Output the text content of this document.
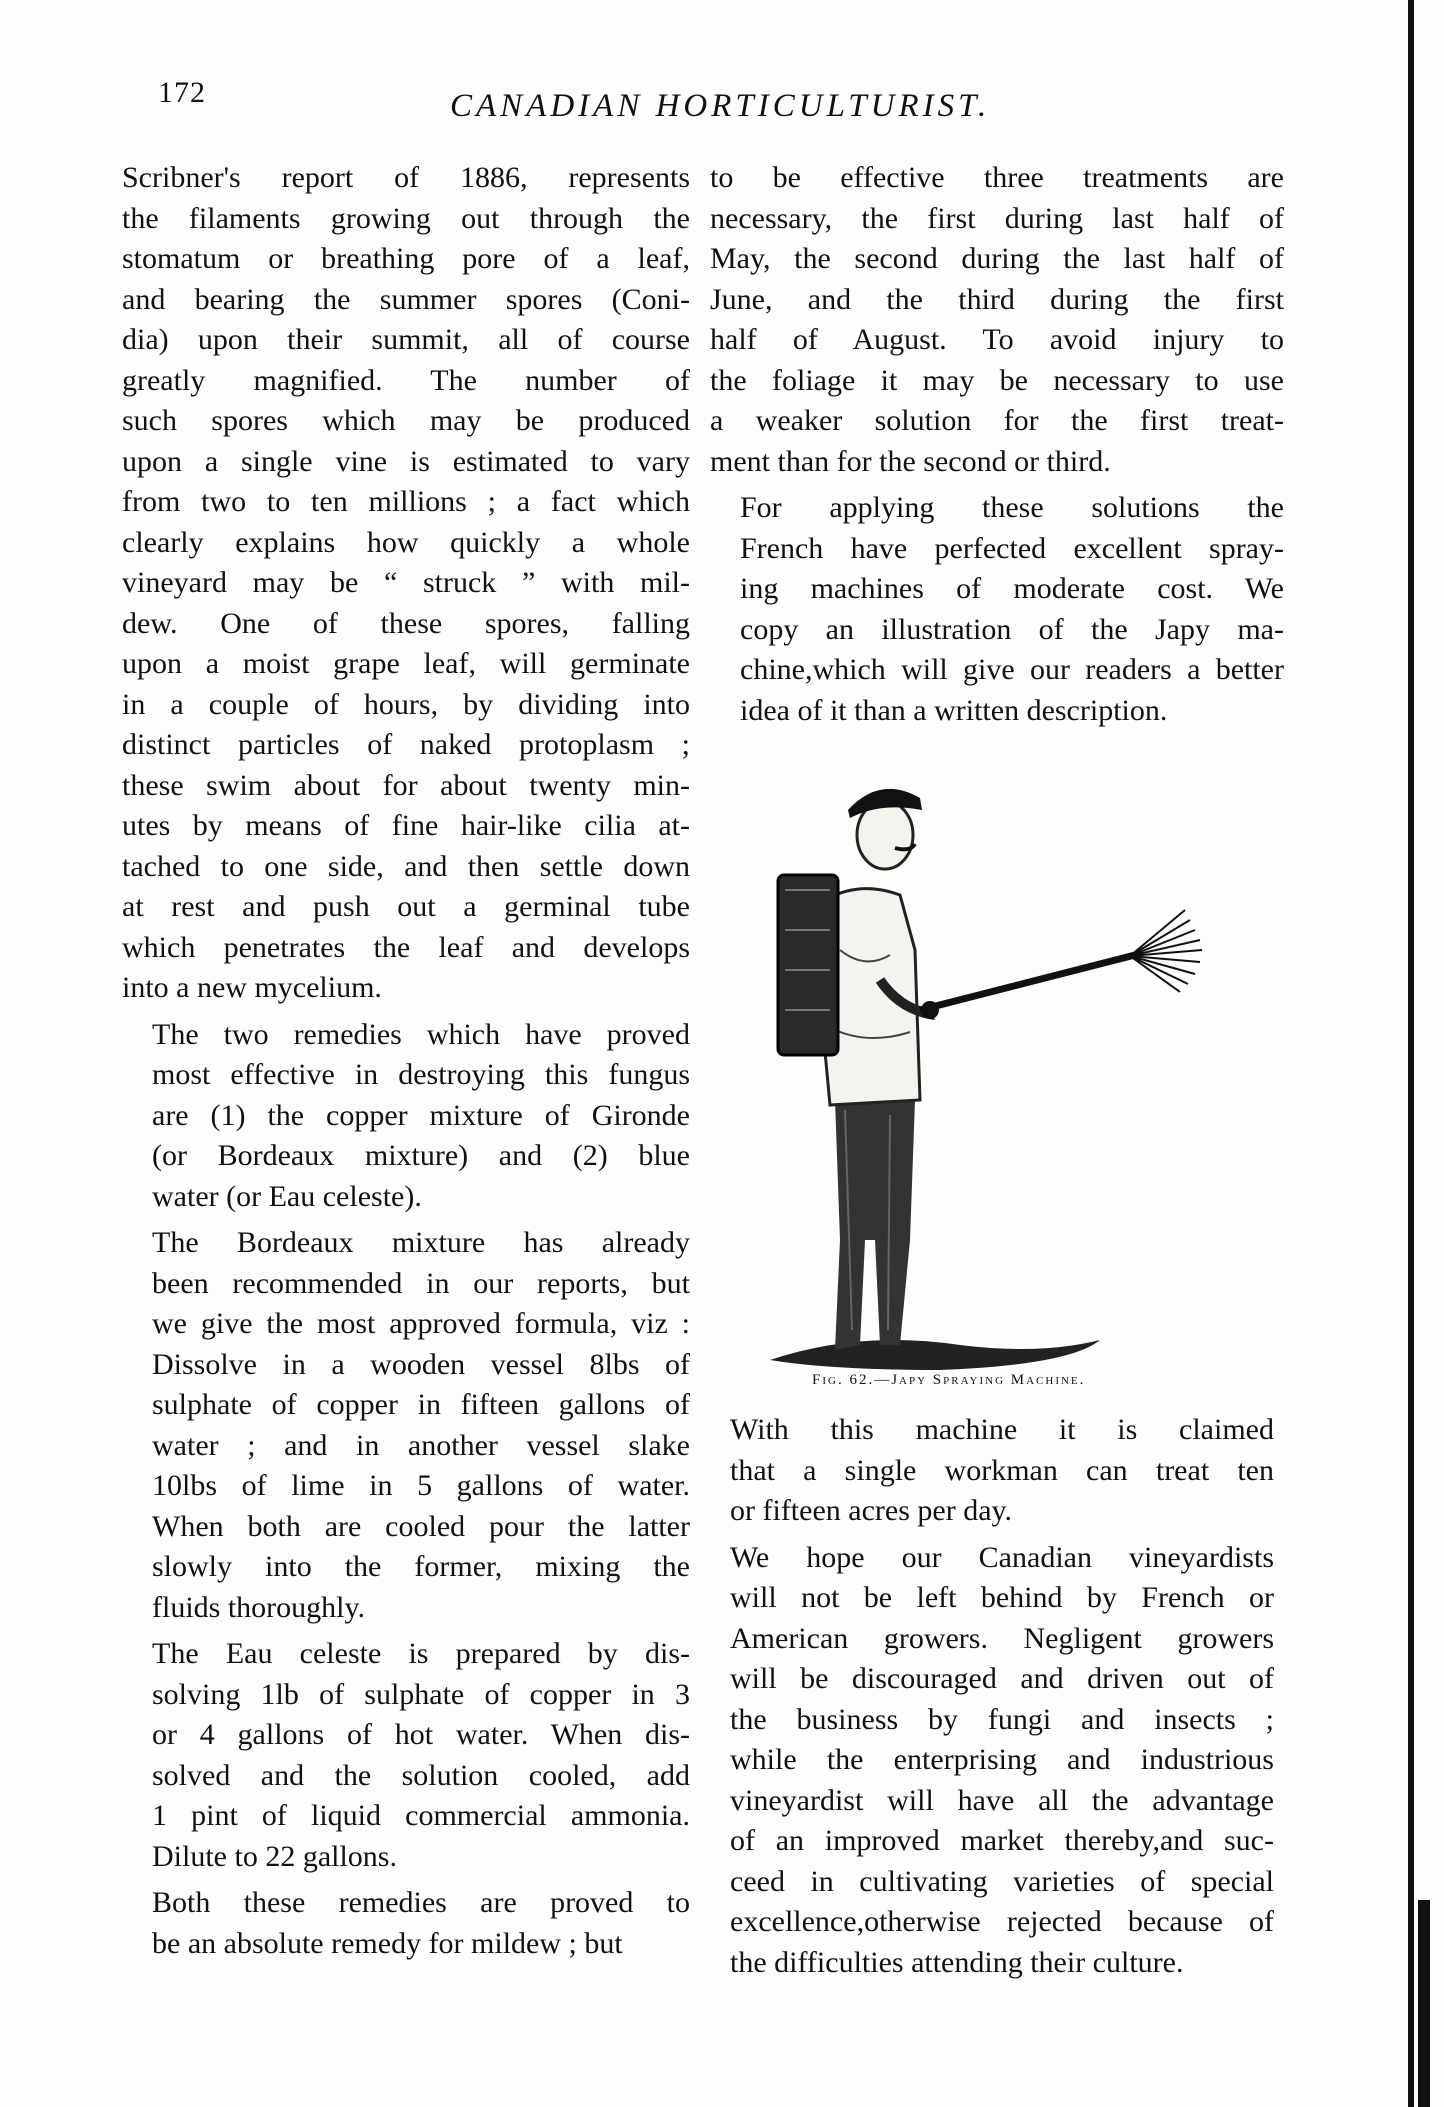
172	CANADIAN HORTICULTURIST.

Scribner's report of 1886, represents
the filaments growing out through the
stomatum or breathing pore of a leaf,
and bearing the summer spores (Coni-
dia) upon their summit, all of course
greatly magnified. The number of
such spores which may be produced
upon a single vine is estimated to vary
from two to ten millions ; a fact which
clearly explains how quickly a whole
vineyard may be “ struck ” with mil-
dew. One of these spores, falling
upon a moist grape leaf, will germinate
in a couple of hours, by dividing into
distinct particles of naked protoplasm ;
these swim about for about twenty min-
utes by means of fine hair-like cilia at-
tached to one side, and then settle down
at rest and push out a germinal tube
which penetrates the leaf and develops
into a new mycelium.

The two remedies which have proved
most effective in destroying this fungus
are (1) the copper mixture of Gironde
(or Bordeaux mixture) and (2) blue
water (or Eau celeste).

The Bordeaux mixture has already
been recommended in our reports, but
we give the most approved formula, viz :
Dissolve in a wooden vessel 8lbs of
sulphate of copper in fifteen gallons of
water ; and in another vessel slake
10lbs of lime in 5 gallons of water.
When both are cooled pour the latter
slowly into the former, mixing the
fluids thoroughly.

The Eau celeste is prepared by dis-
solving 1lb of sulphate of copper in 3
or 4 gallons of hot water. When dis-
solved and the solution cooled, add
1 pint of liquid commercial ammonia.
Dilute to 22 gallons.

Both these remedies are proved to
be an absolute remedy for mildew ; but

to be effective three treatments are
necessary, the first during last half of
May, the second during the last half of
June, and the third during the first
half of August. To avoid injury to
the foliage it may be necessary to use
a weaker solution for the first treat-
ment than for the second or third.

For applying these solutions the
French have perfected excellent spray-
ing machines of moderate cost. We
copy an illustration of the Japy ma-
chine,which will give our readers a better
idea of it than a written description.

Fig. 62.—Japy Spraying Machine.

With this machine it is claimed
that a single workman can treat ten
or fifteen acres per day.

We hope our Canadian vineyardists
will not be left behind by French or
American growers. Negligent growers
will be discouraged and driven out of
the business by fungi and insects ;
while the enterprising and industrious
vineyardist will have all the advantage
of an improved market thereby,and suc-
ceed in cultivating varieties of special
excellence,otherwise rejected because of
the difficulties attending their culture.
